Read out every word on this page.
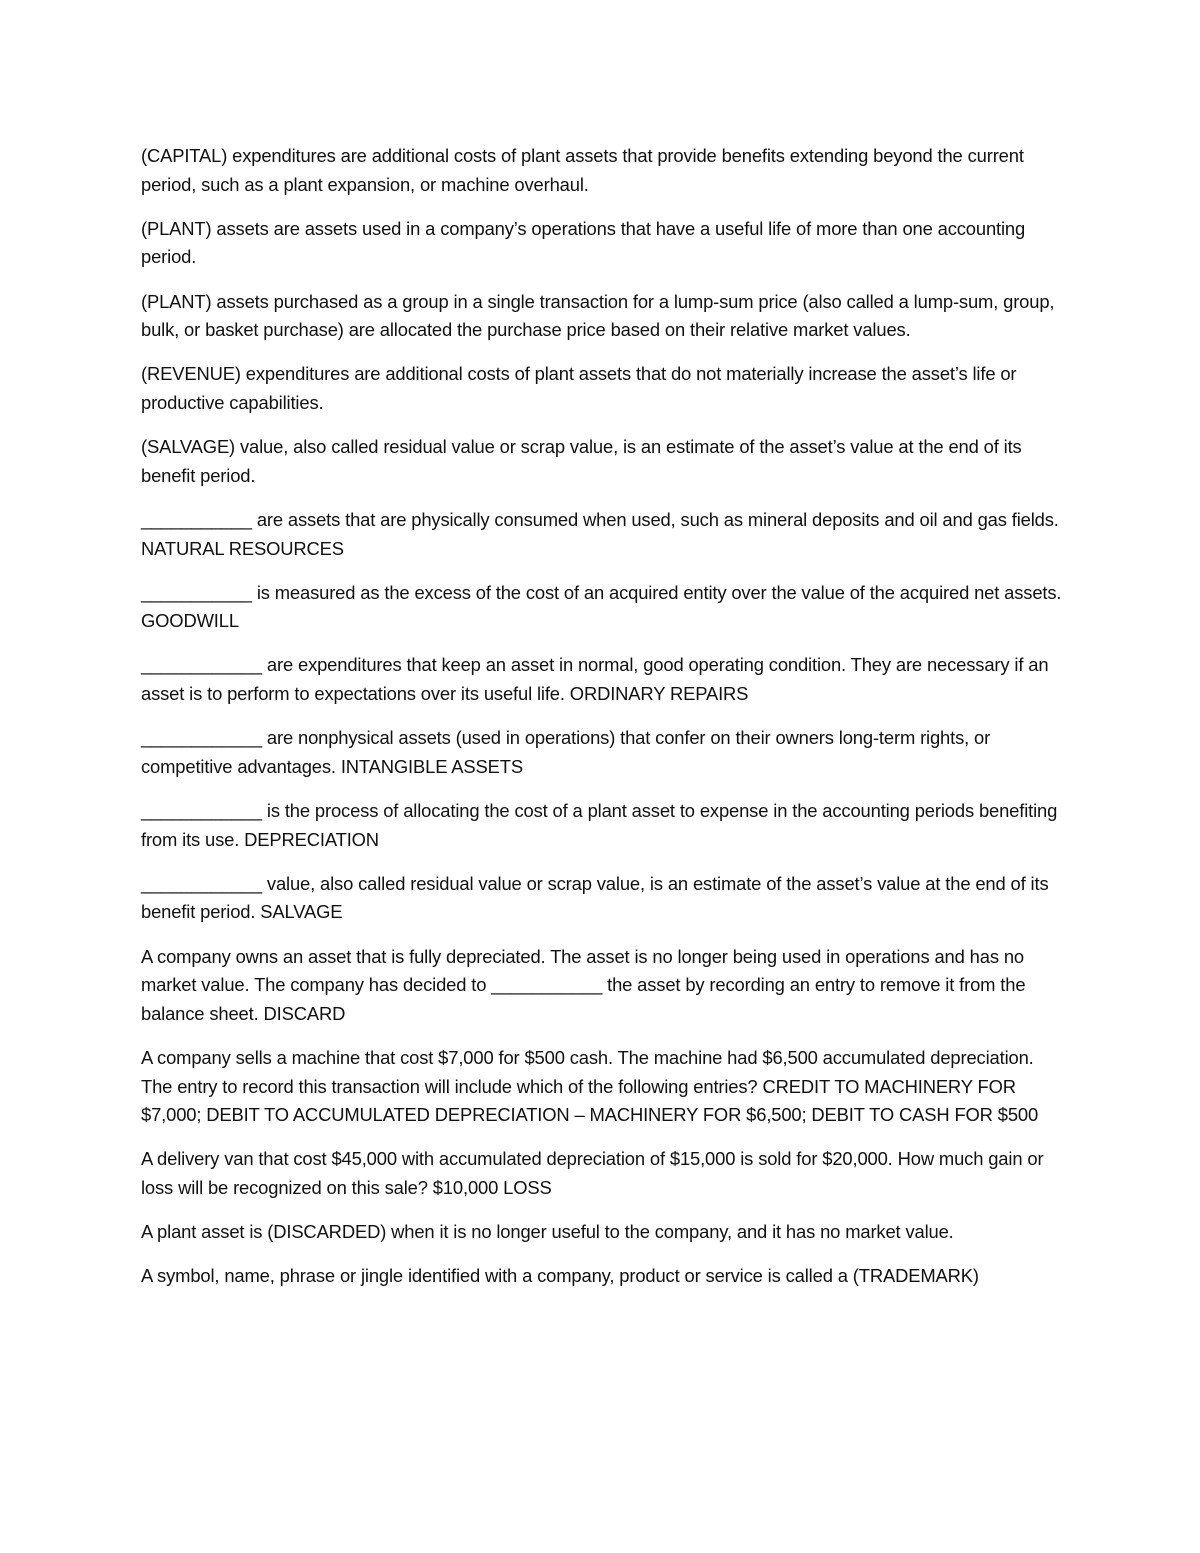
(CAPITAL) expenditures are additional costs of plant assets that provide benefits extending beyond the current period, such as a plant expansion, or machine overhaul.

(PLANT) assets are assets used in a company’s operations that have a useful life of more than one accounting period.

(PLANT) assets purchased as a group in a single transaction for a lump-sum price (also called a lump-sum, group, bulk, or basket purchase) are allocated the purchase price based on their relative market values.

(REVENUE) expenditures are additional costs of plant assets that do not materially increase the asset’s life or productive capabilities.

(SALVAGE) value, also called residual value or scrap value, is an estimate of the asset’s value at the end of its benefit period.

___________ are assets that are physically consumed when used, such as mineral deposits and oil and gas fields. NATURAL RESOURCES

___________ is measured as the excess of the cost of an acquired entity over the value of the acquired net assets. GOODWILL

____________ are expenditures that keep an asset in normal, good operating condition. They are necessary if an asset is to perform to expectations over its useful life. ORDINARY REPAIRS

____________ are nonphysical assets (used in operations) that confer on their owners long-term rights, or competitive advantages. INTANGIBLE ASSETS

____________ is the process of allocating the cost of a plant asset to expense in the accounting periods benefiting from its use. DEPRECIATION

____________ value, also called residual value or scrap value, is an estimate of the asset’s value at the end of its benefit period. SALVAGE

A company owns an asset that is fully depreciated. The asset is no longer being used in operations and has no market value. The company has decided to ___________ the asset by recording an entry to remove it from the balance sheet. DISCARD

A company sells a machine that cost $7,000 for $500 cash. The machine had $6,500 accumulated depreciation. The entry to record this transaction will include which of the following entries? CREDIT TO MACHINERY FOR $7,000; DEBIT TO ACCUMULATED DEPRECIATION – MACHINERY FOR $6,500; DEBIT TO CASH FOR $500

A delivery van that cost $45,000 with accumulated depreciation of $15,000 is sold for $20,000. How much gain or loss will be recognized on this sale? $10,000 LOSS

A plant asset is (DISCARDED) when it is no longer useful to the company, and it has no market value.

A symbol, name, phrase or jingle identified with a company, product or service is called a (TRADEMARK)
